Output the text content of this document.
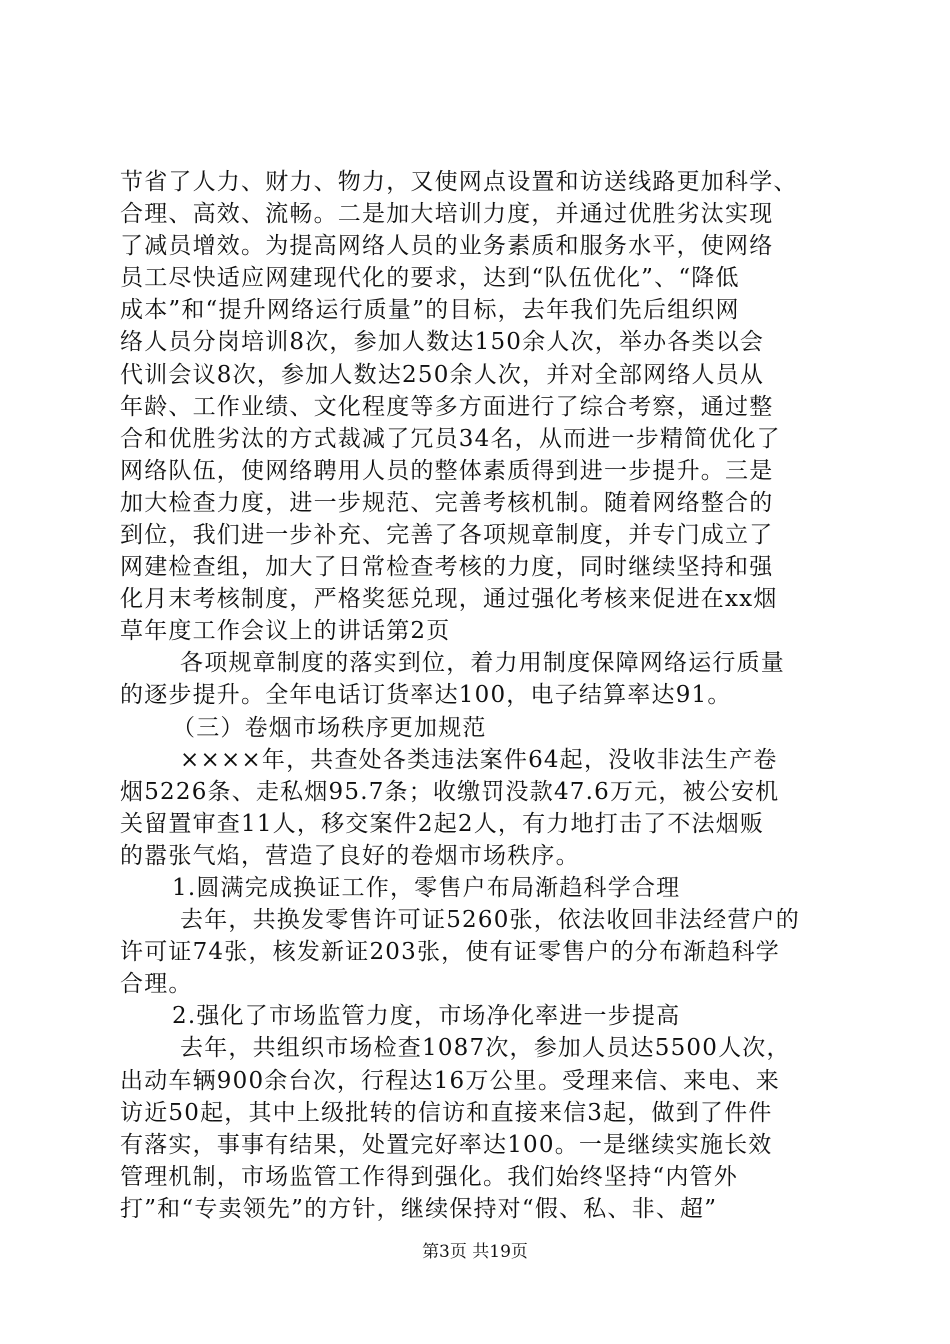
节省了人力、财力、物力，又使网点设置和访送线路更加科学、
合理、高效、流畅。二是加大培训力度，并通过优胜劣汰实现
了减员增效。为提高网络人员的业务素质和服务水平，使网络
员工尽快适应网建现代化的要求，达到“队伍优化”、“降低
成本”和“提升网络运行质量”的目标，去年我们先后组织网
络人员分岗培训8次，参加人数达150余人次，举办各类以会
代训会议8次，参加人数达250余人次，并对全部网络人员从
年龄、工作业绩、文化程度等多方面进行了综合考察，通过整
合和优胜劣汰的方式裁减了冗员34名，从而进一步精简优化了
网络队伍，使网络聘用人员的整体素质得到进一步提升。三是
加大检查力度，进一步规范、完善考核机制。随着网络整合的
到位，我们进一步补充、完善了各项规章制度，并专门成立了
网建检查组，加大了日常检查考核的力度，同时继续坚持和强
化月末考核制度，严格奖惩兑现，通过强化考核来促进在xx烟
草年度工作会议上的讲话第2页
各项规章制度的落实到位，着力用制度保障网络运行质量
的逐步提升。全年电话订货率达100，电子结算率达91。
（三）卷烟市场秩序更加规范
××××年，共查处各类违法案件64起，没收非法生产卷
烟5226条、走私烟95.7条；收缴罚没款47.6万元，被公安机
关留置审查11人，移交案件2起2人，有力地打击了不法烟贩
的嚣张气焰，营造了良好的卷烟市场秩序。
1.圆满完成换证工作，零售户布局渐趋科学合理
去年，共换发零售许可证5260张，依法收回非法经营户的
许可证74张，核发新证203张，使有证零售户的分布渐趋科学
合理。
2.强化了市场监管力度，市场净化率进一步提高
去年，共组织市场检查1087次，参加人员达5500人次，
出动车辆900余台次，行程达16万公里。受理来信、来电、来
访近50起，其中上级批转的信访和直接来信3起，做到了件件
有落实，事事有结果，处置完好率达100。一是继续实施长效
管理机制，市场监管工作得到强化。我们始终坚持“内管外
打”和“专卖领先”的方针，继续保持对“假、私、非、超”
第3页 共19页
